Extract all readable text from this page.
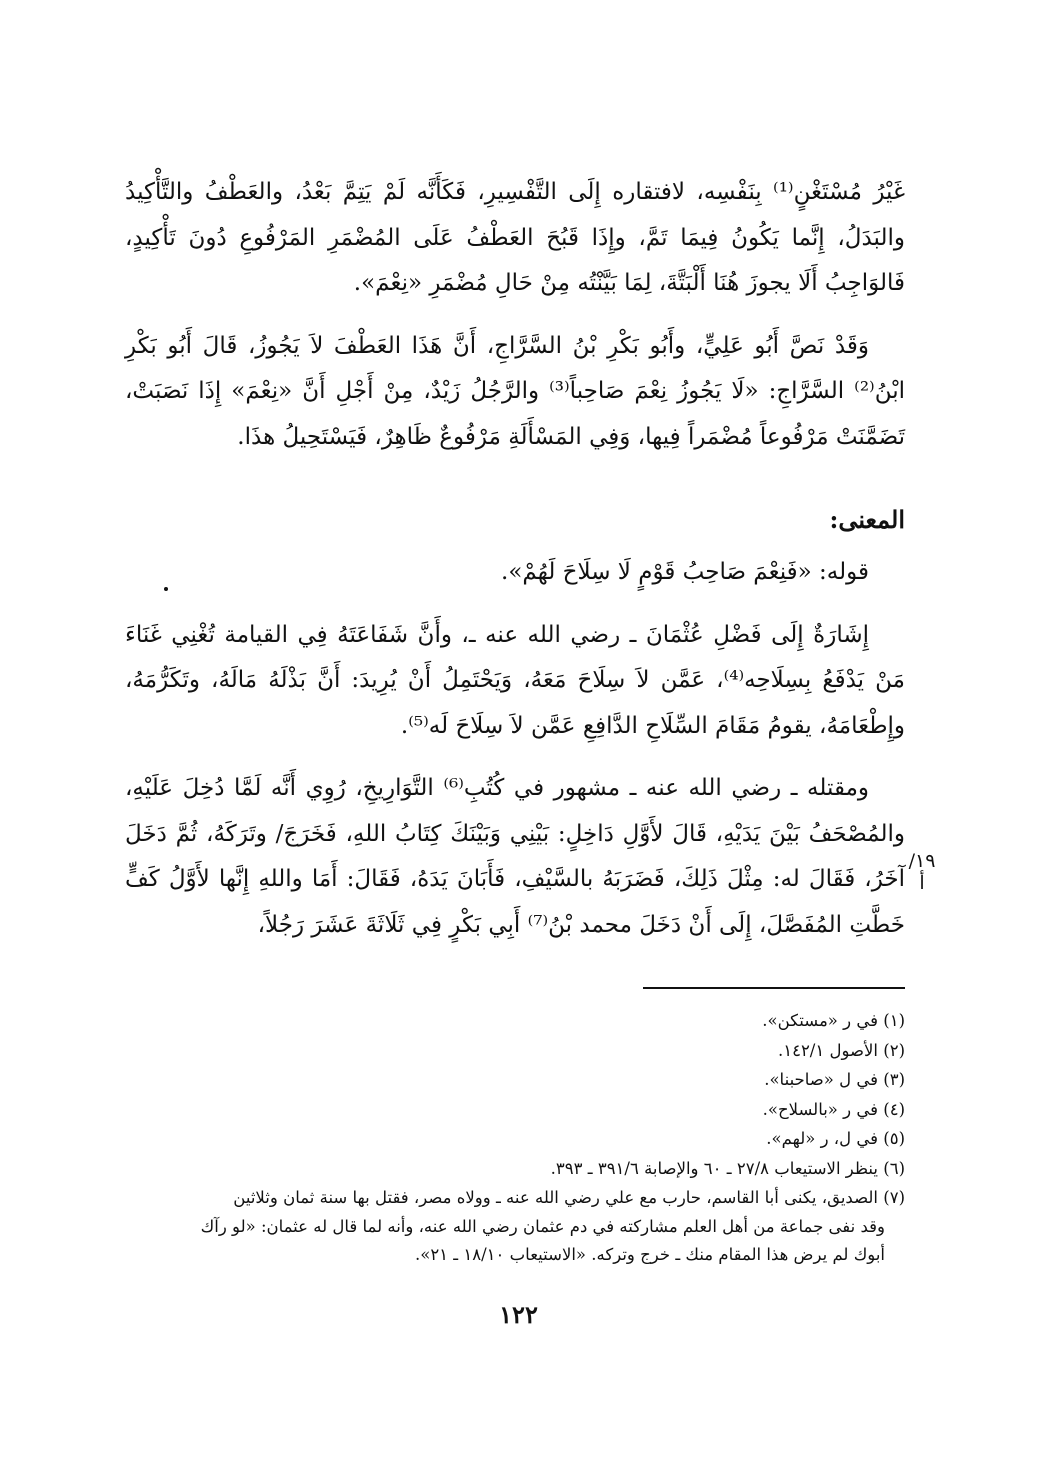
غَيْرُ مُسْتَغْنٍ⁽¹⁾ بِنَفْسِه، لافتقاره إِلَى التَّفْسِيرِ، فَكَأَنَّه لَمْ يَتِمَّ بَعْدُ، والعَطْفُ والتَّأْكِيدُ والبَدَلُ، إِنَّما يَكُونُ فِيمَا تَمَّ، وإِذَا قَبُحَ العَطْفُ عَلَى المُضْمَرِ المَرْفُوعِ دُونَ تَأْكِيدٍ، فَالوَاجِبُ أَلَا يجوزَ هُنَا أَلْبَتَّةَ، لِمَا بَيَّنْتُه مِنْ حَالِ مُضْمَرِ «نِعْمَ».

وَقَدْ نَصَّ أَبُو عَلِيٍّ، وأَبُو بَكْرِ بْنُ السَّرَّاجِ، أَنَّ هَذَا العَطْفَ لاَ يَجُوزُ، قَالَ أَبُو بَكْرِ ابْنُ⁽²⁾ السَّرَّاجِ: «لَا يَجُوزُ نِعْمَ صَاحِباً⁽³⁾ والرَّجُلُ زَيْدٌ، مِنْ أَجْلِ أَنَّ «نِعْمَ» إِذَا نَصَبَتْ، تَضَمَّنَتْ مَرْفُوعاً مُضْمَراً فِيها، وَفِي المَسْأَلَةِ مَرْفُوعٌ ظَاهِرٌ، فَيَسْتَحِيلُ هذَا.

المعنى:

قوله: «فَنِعْمَ صَاحِبُ قَوْمٍ لَا سِلَاحَ لَهُمْ».

إِشَارَةٌ إِلَى فَضْلِ عُثْمَانَ ـ رضي الله عنه ـ، وأَنَّ شَفَاعَتَهُ فِي القيامة تُغْنِي غَنَاءَ مَنْ يَدْفَعُ بِسِلَاحِه⁽⁴⁾، عَمَّن لاَ سِلَاحَ مَعَهُ، وَيَحْتَمِلُ أَنْ يُرِيدَ: أَنَّ بَذْلَهُ مَالَهُ، وتَكَرُّمَهُ، وإِطْعَامَهُ، يقومُ مَقَامَ السِّلَاحِ الدَّافِعِ عَمَّن لاَ سِلَاحَ لَه⁽⁵⁾.

ومقتله ـ رضي الله عنه ـ مشهور في كُتُبِ⁽⁶⁾ التَّوَارِيخِ، رُوِي أَنَّه لَمَّا دُخِلَ عَلَيْهِ، والمُصْحَفُ بَيْنَ يَدَيْهِ، قَالَ لأَوَّلِ دَاخِلٍ: بَيْنِي وَبَيْنَكَ كِتَابُ اللهِ، فَخَرَجَ/ وتَرَكَهُ، ثُمَّ دَخَلَ آخَرُ، فَقَالَ له: مِثْلَ ذَلِكَ، فَضَرَبَهُ بالسَّيْفِ، فَأَبَانَ يَدَهُ، فَقَالَ: أَمَا واللهِ إِنَّها لأَوَّلُ كَفٍّ خَطَّتِ المُفَصَّلَ، إِلَى أَنْ دَخَلَ محمد بْنُ⁽⁷⁾ أَبِي بَكْرٍ فِي ثَلَاثَةَ عَشَرَ رَجُلاً،

١٩/أ

(١) في ر «مستكن».

(٢) الأصول ١٤٢/١.

(٣) في ل «صاحبنا».

(٤) في ر «بالسلاح».

(٥) في ل، ر «لهم».

(٦) ينظر الاستيعاب ٢٧/٨ ـ ٦٠ والإصابة ٣٩١/٦ ـ ٣٩٣.

(٧) الصديق، يكنى أبا القاسم، حارب مع علي رضي الله عنه ـ وولاه مصر، فقتل بها سنة ثمان وثلاثين

وقد نفى جماعة من أهل العلم مشاركته في دم عثمان رضي الله عنه، وأنه لما قال له عثمان: «لو رآك

أبوك لم يرض هذا المقام منك ـ خرج وتركه. «الاستيعاب ١٨/١٠ ـ ٢١».

١٢٢
